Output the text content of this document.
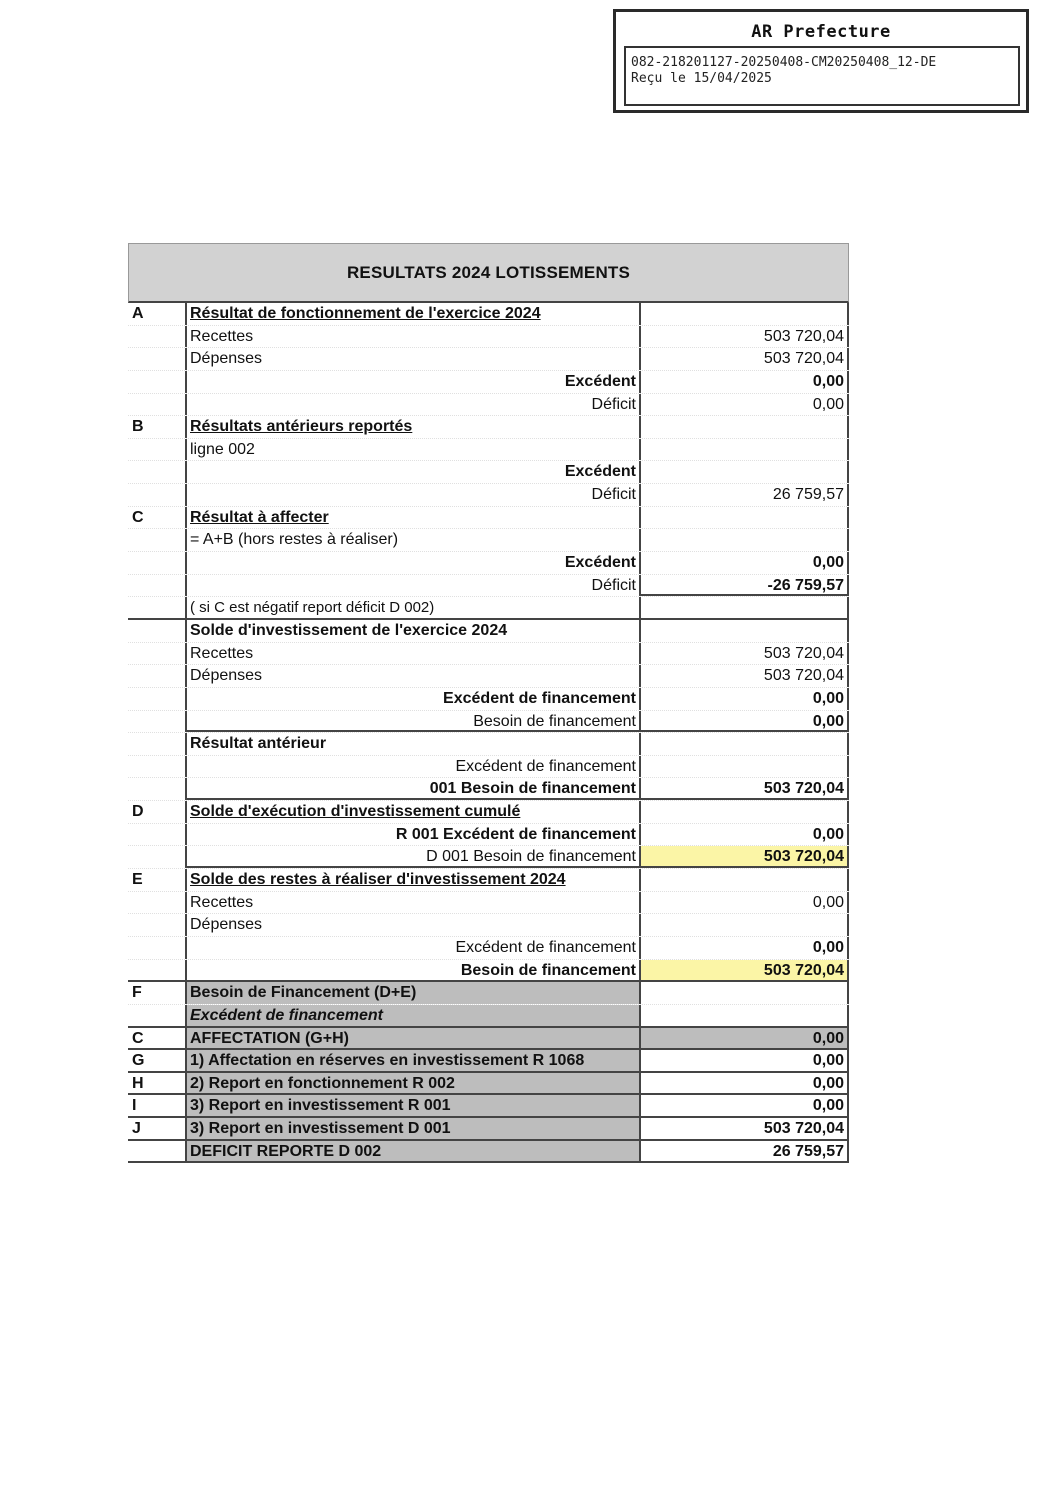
AR Prefecture
082-218201127-20250408-CM20250408_12-DE
Reçu le 15/04/2025
RESULTATS 2024 LOTISSEMENTS
A	Résultat de fonctionnement de l'exercice 2024
Recettes	503 720,04
Dépenses	503 720,04
Excédent	0,00
Déficit	0,00
B	Résultats antérieurs reportés
ligne 002
Excédent
Déficit	26 759,57
C	Résultat à affecter
= A+B (hors restes à réaliser)
Excédent	0,00
Déficit	-26 759,57
( si C est négatif report déficit D 002)
Solde d'investissement de l'exercice 2024
Recettes	503 720,04
Dépenses	503 720,04
Excédent de financement	0,00
Besoin de financement	0,00
Résultat antérieur
Excédent de financement
001 Besoin de financement	503 720,04
D	Solde d'exécution d'investissement cumulé
R 001 Excédent de financement	0,00
D 001 Besoin de financement	503 720,04
E	Solde des restes à réaliser d'investissement 2024
Recettes	0,00
Dépenses
Excédent de financement	0,00
Besoin de financement	503 720,04
F	Besoin de Financement (D+E)
Excédent de financement
C	AFFECTATION (G+H)	0,00
G	1) Affectation en réserves en investissement R 1068	0,00
H	2) Report en fonctionnement R 002	0,00
I	3) Report en investissement R 001	0,00
J	3) Report en investissement D 001	503 720,04
DEFICIT REPORTE D 002	26 759,57
